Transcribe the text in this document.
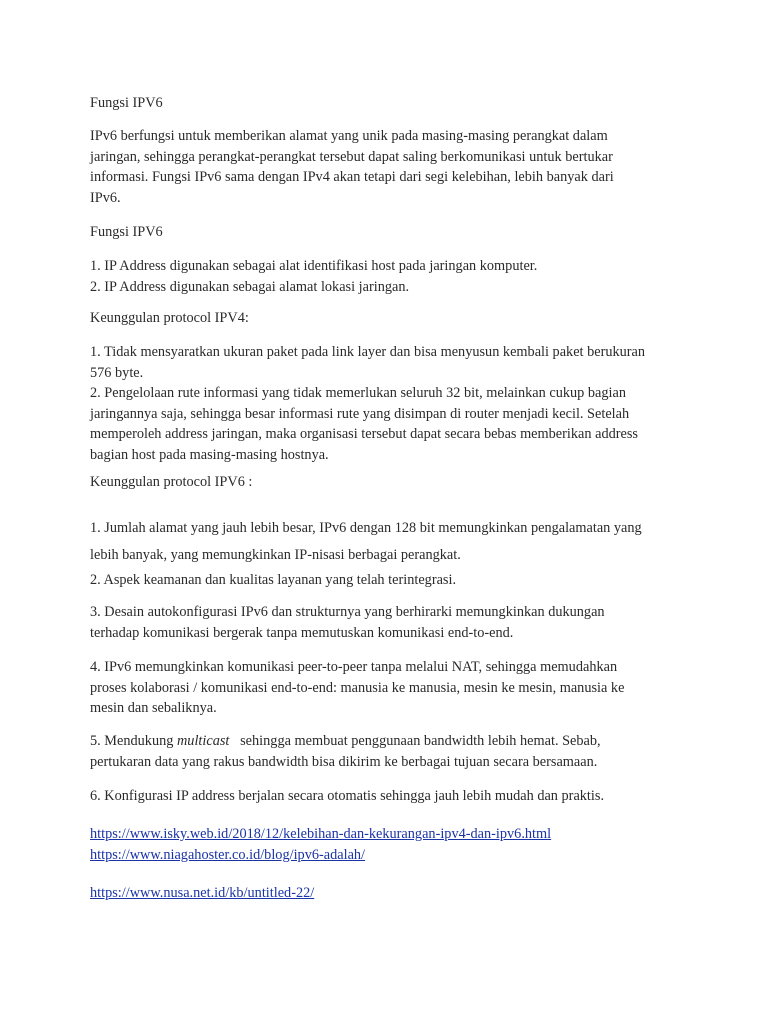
Fungsi IPV6

IPv6 berfungsi untuk memberikan alamat yang unik pada masing-masing perangkat dalam
jaringan, sehingga perangkat-perangkat tersebut dapat saling berkomunikasi untuk bertukar
informasi. Fungsi IPv6 sama dengan IPv4 akan tetapi dari segi kelebihan, lebih banyak dari
IPv6.

Fungsi IPV6

1. IP Address digunakan sebagai alat identifikasi host pada jaringan komputer.
2. IP Address digunakan sebagai alamat lokasi jaringan.

Keunggulan protocol IPV4:

1. Tidak mensyaratkan ukuran paket pada link layer dan bisa menyusun kembali paket berukuran
576 byte.
2. Pengelolaan rute informasi yang tidak memerlukan seluruh 32 bit, melainkan cukup bagian
jaringannya saja, sehingga besar informasi rute yang disimpan di router menjadi kecil. Setelah
memperoleh address jaringan, maka organisasi tersebut dapat secara bebas memberikan address
bagian host pada masing-masing hostnya.

Keunggulan protocol IPV6 :

1. Jumlah alamat yang jauh lebih besar, IPv6 dengan 128 bit memungkinkan pengalamatan yang
lebih banyak, yang memungkinkan IP-nisasi berbagai perangkat.

2. Aspek keamanan dan kualitas layanan yang telah terintegrasi.

3. Desain autokonfigurasi IPv6 dan strukturnya yang berhirarki memungkinkan dukungan
terhadap komunikasi bergerak tanpa memutuskan komunikasi end-to-end.

4. IPv6 memungkinkan komunikasi peer-to-peer tanpa melalui NAT, sehingga memudahkan
proses kolaborasi / komunikasi end-to-end: manusia ke manusia, mesin ke mesin, manusia ke
mesin dan sebaliknya.

5. Mendukung multicast   sehingga membuat penggunaan bandwidth lebih hemat. Sebab,
pertukaran data yang rakus bandwidth bisa dikirim ke berbagai tujuan secara bersamaan.

6. Konfigurasi IP address berjalan secara otomatis sehingga jauh lebih mudah dan praktis.

https://www.isky.web.id/2018/12/kelebihan-dan-kekurangan-ipv4-dan-ipv6.html
https://www.niagahoster.co.id/blog/ipv6-adalah/
https://www.nusa.net.id/kb/untitled-22/
